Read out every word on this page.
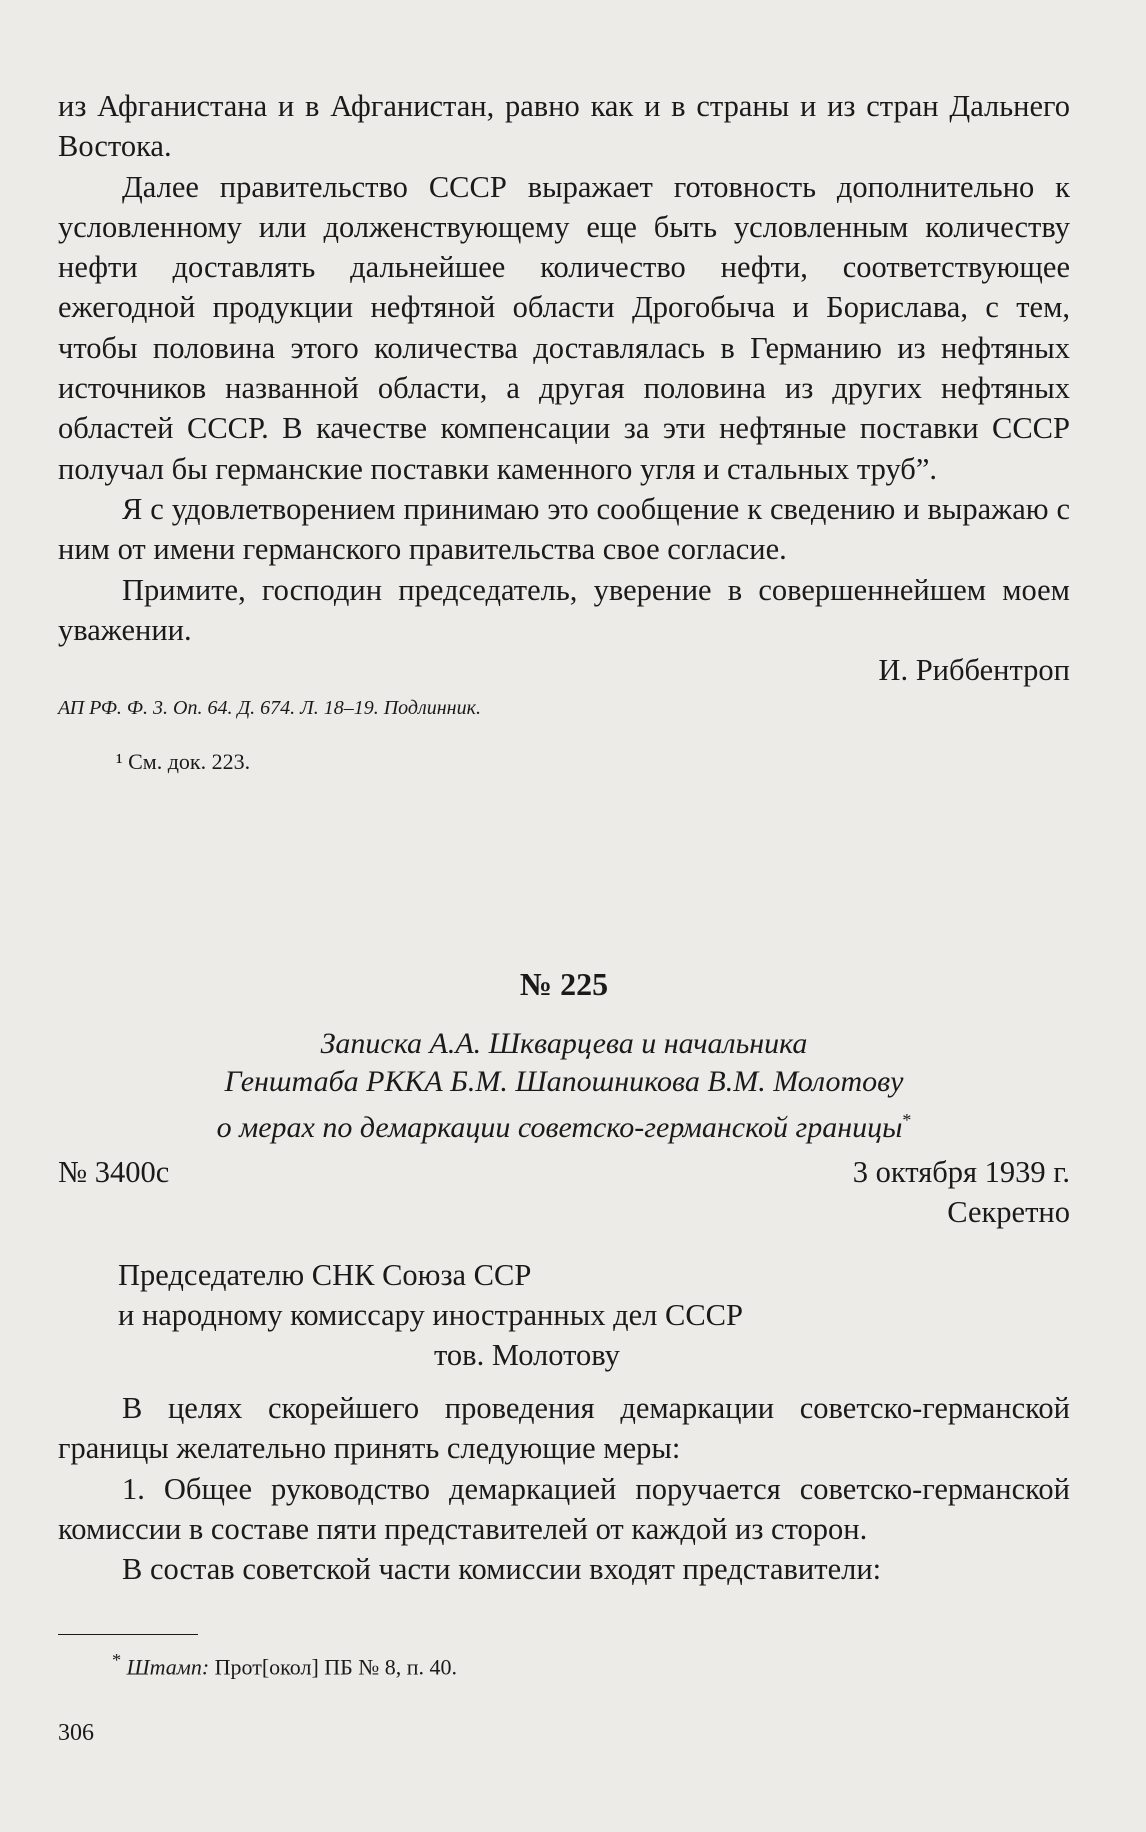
из Афганистана и в Афганистан, равно как и в страны и из стран Дальнего Востока.

Далее правительство СССР выражает готовность дополнительно к условленному или долженствующему еще быть условленным количеству нефти доставлять дальнейшее количество нефти, соответствующее ежегодной продукции нефтяной области Дрогобыча и Борислава, с тем, чтобы половина этого количества доставлялась в Германию из нефтяных источников названной области, а другая половина из других нефтяных областей СССР. В качестве компенсации за эти нефтяные поставки СССР получал бы германские поставки каменного угля и стальных труб”.

Я с удовлетворением принимаю это сообщение к сведению и выражаю с ним от имени германского правительства свое согласие.

Примите, господин председатель, уверение в совершеннейшем моем уважении.

И. Риббентроп

АП РФ. Ф. 3. Оп. 64. Д. 674. Л. 18–19. Подлинник.

¹ См. док. 223.

№ 225

Записка А.А. Шкварцева и начальника
Генштаба РККА Б.М. Шапошникова В.М. Молотову
о мерах по демаркации советско-германской границы*
№ 3400с	3 октября 1939 г.

Секретно

Председателю СНК Союза ССР
и народному комиссару иностранных дел СССР
тов. Молотову

В целях скорейшего проведения демаркации советско-германской границы желательно принять следующие меры:

1. Общее руководство демаркацией поручается советско-германской комиссии в составе пяти представителей от каждой из сторон.

В состав советской части комиссии входят представители:

* Штамп: Прот[окол] ПБ № 8, п. 40.
306
